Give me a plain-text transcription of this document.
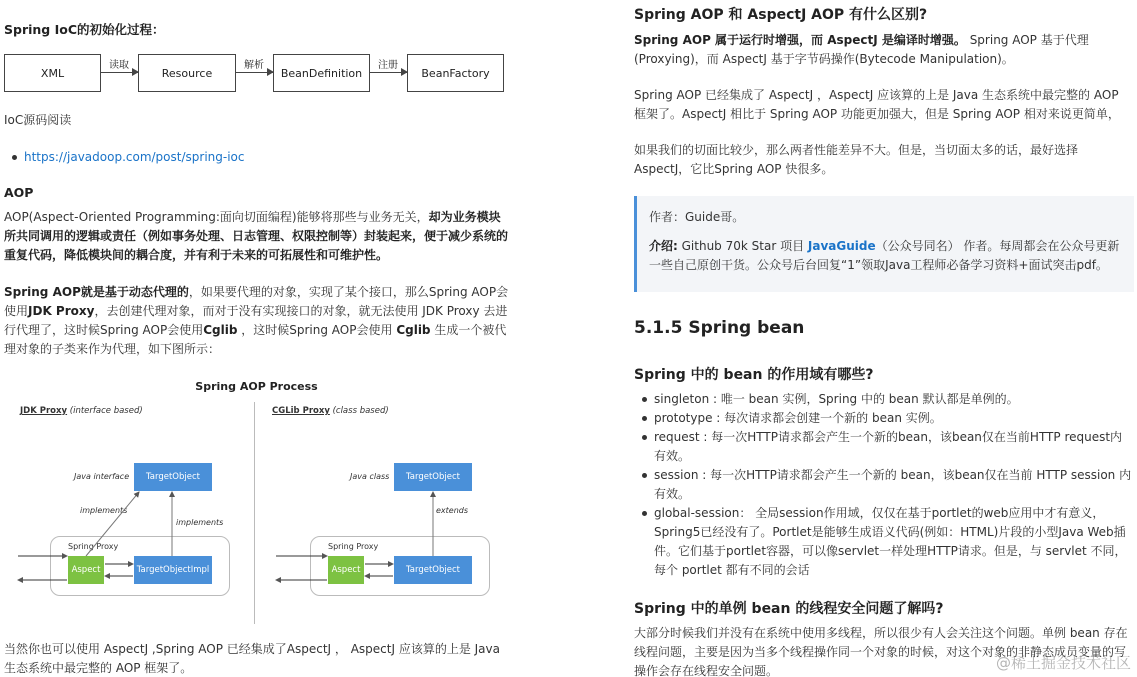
Spring IoC的初始化过程：
XML
读取
Resource
解析
BeanDefinition
注册
BeanFactory

IoC源码阅读

https://javadoop.com/post/spring-ioc
AOP

AOP(Aspect-Oriented Programming:面向切面编程)能够将那些与业务无关，却为业务模块所共同调用的逻辑或责任（例如事务处理、日志管理、权限控制等）封装起来，便于减少系统的重复代码，降低模块间的耦合度，并有利于未来的可拓展性和可维护性。

Spring AOP就是基于动态代理的，如果要代理的对象，实现了某个接口，那么Spring AOP会使用JDK Proxy，去创建代理对象，而对于没有实现接口的对象，就无法使用 JDK Proxy 去进行代理了，这时候Spring AOP会使用Cglib ，这时候Spring AOP会使用 Cglib 生成一个被代理对象的子类来作为代理，如下图所示：

Spring AOP Process
JDK Proxy (interface based)	CGLib Proxy (class based)
Java interface	TargetObject
implements
implements
Spring Proxy
Aspect	TargetObjectImpl
Java class	TargetObject
extends
Spring Proxy
Aspect	TargetObject

当然你也可以使用 AspectJ ,Spring AOP 已经集成了AspectJ ， AspectJ 应该算的上是 Java 生态系统中最完整的 AOP 框架了。

Spring AOP 和 AspectJ AOP 有什么区别?

Spring AOP 属于运行时增强，而 AspectJ 是编译时增强。 Spring AOP 基于代理(Proxying)，而 AspectJ 基于字节码操作(Bytecode Manipulation)。

Spring AOP 已经集成了 AspectJ ，AspectJ 应该算的上是 Java 生态系统中最完整的 AOP 框架了。AspectJ 相比于 Spring AOP 功能更加强大，但是 Spring AOP 相对来说更简单，

如果我们的切面比较少，那么两者性能差异不大。但是，当切面太多的话，最好选择 AspectJ，它比Spring AOP 快很多。

作者：Guide哥。

介绍: Github 70k Star 项目 JavaGuide（公众号同名） 作者。每周都会在公众号更新一些自己原创干货。公众号后台回复“1”领取Java工程师必备学习资料+面试突击pdf。

5.1.5 Spring bean
Spring 中的 bean 的作用域有哪些?
singleton : 唯一 bean 实例，Spring 中的 bean 默认都是单例的。
prototype : 每次请求都会创建一个新的 bean 实例。
request : 每一次HTTP请求都会产生一个新的bean，该bean仅在当前HTTP request内有效。
session : 每一次HTTP请求都会产生一个新的 bean，该bean仅在当前 HTTP session 内有效。
global-session： 全局session作用域，仅仅在基于portlet的web应用中才有意义，Spring5已经没有了。Portlet是能够生成语义代码(例如：HTML)片段的小型Java Web插件。它们基于portlet容器，可以像servlet一样处理HTTP请求。但是，与 servlet 不同，每个 portlet 都有不同的会话
Spring 中的单例 bean 的线程安全问题了解吗?

大部分时候我们并没有在系统中使用多线程，所以很少有人会关注这个问题。单例 bean 存在线程问题，主要是因为当多个线程操作同一个对象的时候，对这个对象的非静态成员变量的写操作会存在线程安全问题。	@稀土掘金技术社区
